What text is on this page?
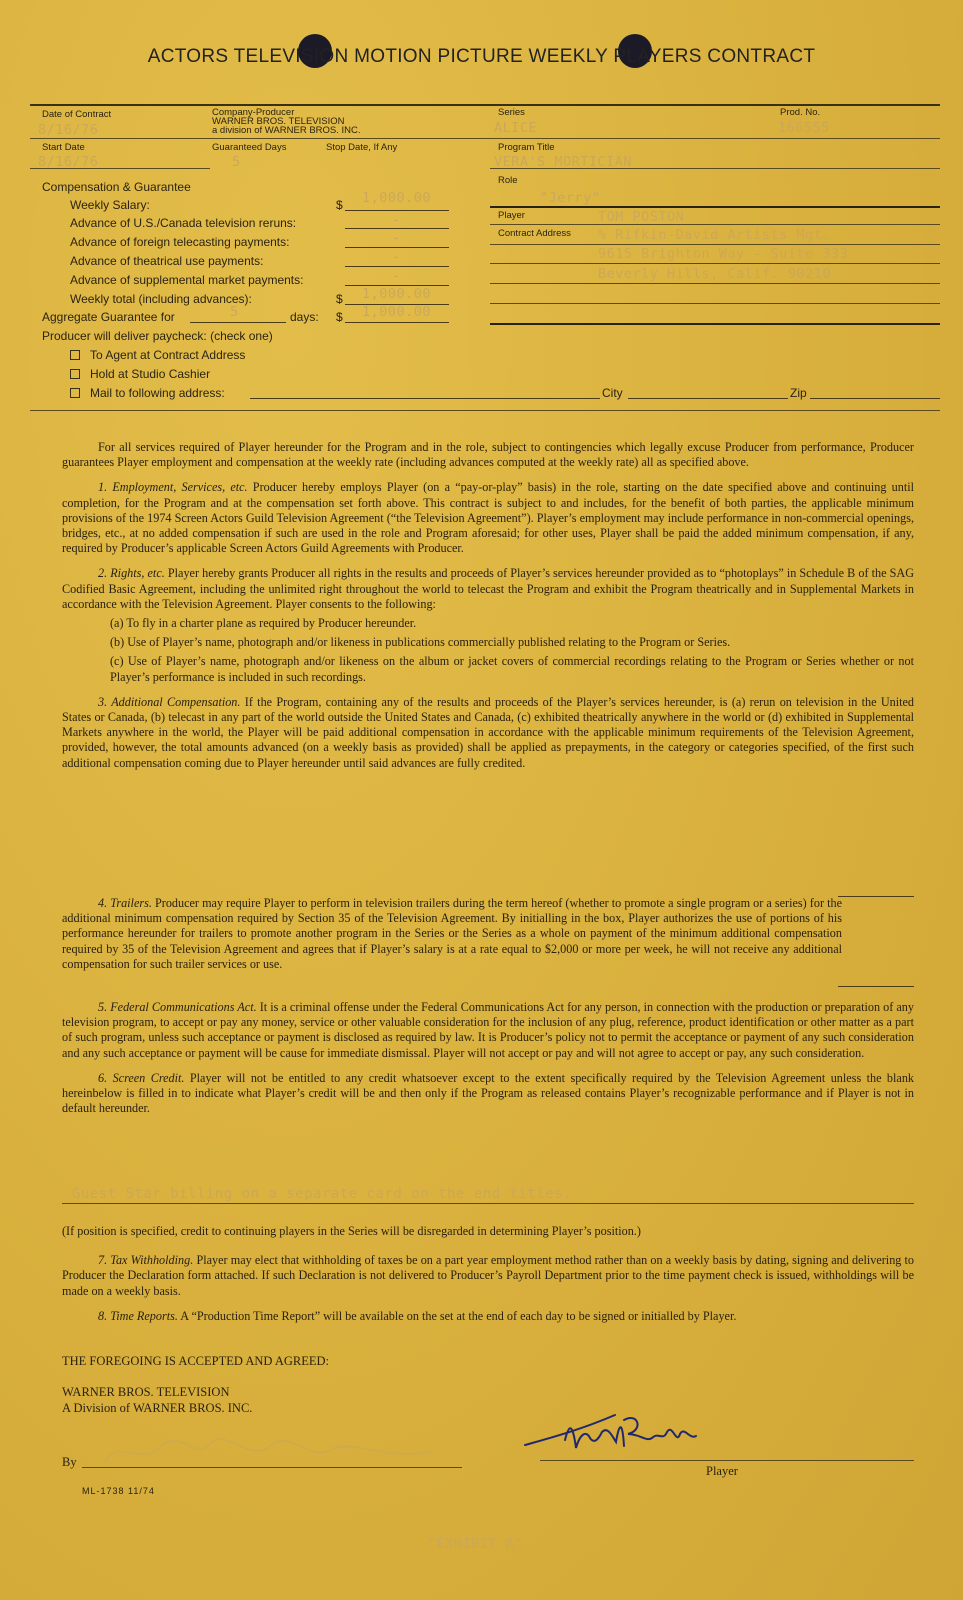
ACTORS TELEVISION MOTION PICTURE WEEKLY PLAYERS CONTRACT
Date of Contract
8/16/76
Company-Producer
WARNER BROS. TELEVISION
a division of WARNER BROS. INC.
Series
ALICE
Prod. No.
166555
Start Date
8/16/76
Guaranteed Days
5
Stop Date, If Any	Program Title
VERA'S MORTICIAN
Role
"Jerry"
Player	TOM POSTON
Contract Address % Rifkin-David Artists Mgt.
9615 Brighton Way - Suite 333
Beverly Hills, Calif. 90210
Compensation & Guarantee
Weekly Salary:	$ 1,000.00
Advance of U.S./Canada television reruns:	-
Advance of foreign telecasting payments:	-
Advance of theatrical use payments:	-
Advance of supplemental market payments:	-
Weekly total (including advances):	$ 1,000.00
Aggregate Guarantee for	5	days: $ 1,000.00
Producer will deliver paycheck: (check one)
To Agent at Contract Address
Hold at Studio Cashier
Mail to following address:	City	Zip

For all services required of Player hereunder for the Program and in the role, subject to contingencies which legally excuse Producer from performance, Producer guarantees Player employment and compensation at the weekly rate (including advances computed at the weekly rate) all as specified above.

1. Employment, Services, etc. Producer hereby employs Player (on a “pay-or-play” basis) in the role, starting on the date specified above and continuing until completion, for the Program and at the compensation set forth above. This contract is subject to and includes, for the benefit of both parties, the applicable minimum provisions of the 1974 Screen Actors Guild Television Agreement (“the Television Agreement”). Player’s employment may include performance in non-commercial openings, bridges, etc., at no added compensation if such are used in the role and Program aforesaid; for other uses, Player shall be paid the added minimum compensation, if any, required by Producer’s applicable Screen Actors Guild Agreements with Producer.

2. Rights, etc. Player hereby grants Producer all rights in the results and proceeds of Player’s services hereunder provided as to “photoplays” in Schedule B of the SAG Codified Basic Agreement, including the unlimited right throughout the world to telecast the Program and exhibit the Program theatrically and in Supplemental Markets in accordance with the Television Agreement. Player consents to the following:

(a) To fly in a charter plane as required by Producer hereunder.

(b) Use of Player’s name, photograph and/or likeness in publications commercially published relating to the Program or Series.

(c) Use of Player’s name, photograph and/or likeness on the album or jacket covers of commercial recordings relating to the Program or Series whether or not Player’s performance is included in such recordings.

3. Additional Compensation. If the Program, containing any of the results and proceeds of the Player’s services hereunder, is (a) rerun on television in the United States or Canada, (b) telecast in any part of the world outside the United States and Canada, (c) exhibited theatrically anywhere in the world or (d) exhibited in Supplemental Markets anywhere in the world, the Player will be paid additional compensation in accordance with the applicable minimum requirements of the Television Agreement, provided, however, the total amounts advanced (on a weekly basis as provided) shall be applied as prepayments, in the category or categories specified, of the first such additional compensation coming due to Player hereunder until said advances are fully credited.

4. Trailers. Producer may require Player to perform in television trailers during the term hereof (whether to promote a single program or a series) for the additional minimum compensation required by Section 35 of the Television Agreement. By initialling in the box, Player authorizes the use of portions of his performance hereunder for trailers to promote another program in the Series or the Series as a whole on payment of the minimum additional compensation required by 35 of the Television Agreement and agrees that if Player’s salary is at a rate equal to $2,000 or more per week, he will not receive any additional compensation for such trailer services or use.

5. Federal Communications Act. It is a criminal offense under the Federal Communications Act for any person, in connection with the production or preparation of any television program, to accept or pay any money, service or other valuable consideration for the inclusion of any plug, reference, product identification or other matter as a part of such program, unless such acceptance or payment is disclosed as required by law. It is Producer’s policy not to permit the acceptance or payment of any such consideration and any such acceptance or payment will be cause for immediate dismissal. Player will not accept or pay and will not agree to accept or pay, any such consideration.

6. Screen Credit. Player will not be entitled to any credit whatsoever except to the extent specifically required by the Television Agreement unless the blank hereinbelow is filled in to indicate what Player’s credit will be and then only if the Program as released contains Player’s recognizable performance and if Player is not in default hereunder.

Guest Star billing on a separate card on the end titles.

(If position is specified, credit to continuing players in the Series will be disregarded in determining Player’s position.)

7. Tax Withholding. Player may elect that withholding of taxes be on a part year employment method rather than on a weekly basis by dating, signing and delivering to Producer the Declaration form attached. If such Declaration is not delivered to Producer’s Payroll Department prior to the time payment check is issued, withholdings will be made on a weekly basis.

8. Time Reports. A “Production Time Report” will be available on the set at the end of each day to be signed or initialled by Player.

THE FOREGOING IS ACCEPTED AND AGREED:
WARNER BROS. TELEVISION
A Division of WARNER BROS. INC.
By
Player
ML-1738 11/74
"EXHIBIT A"
